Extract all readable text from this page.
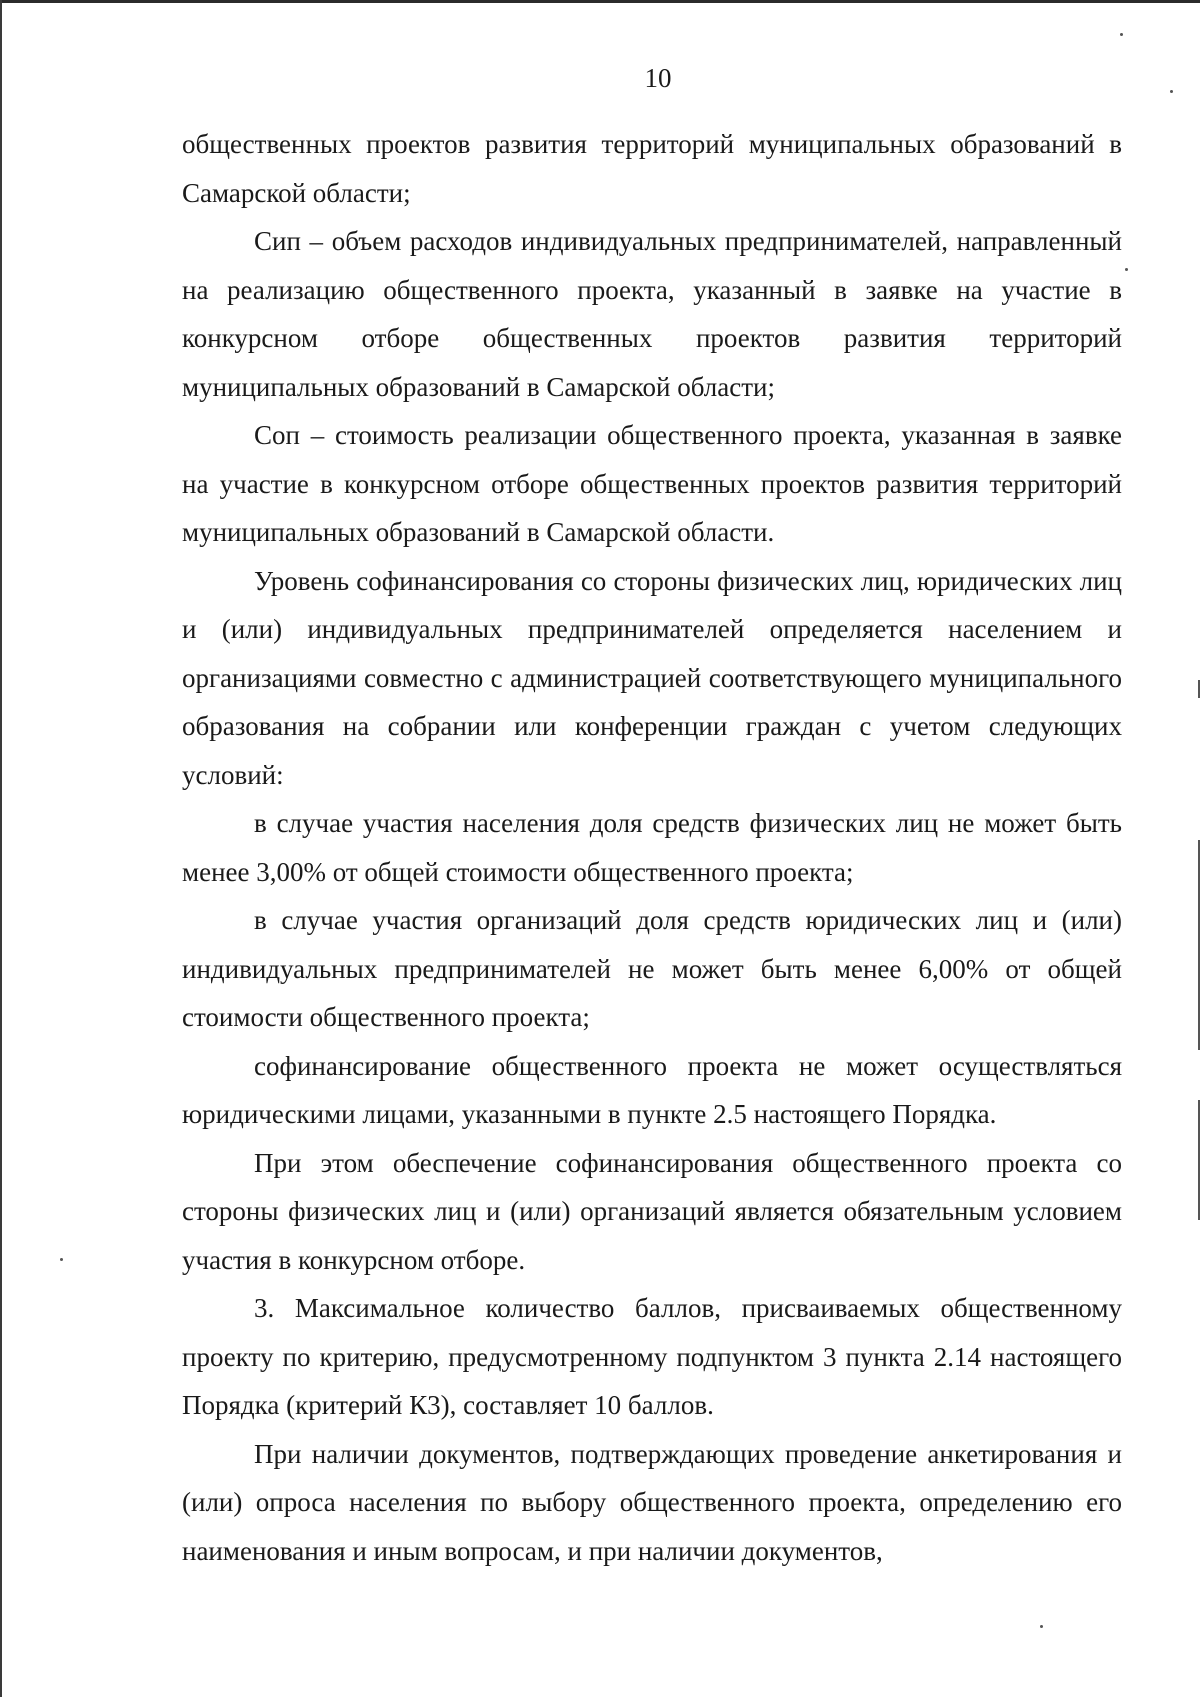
10

общественных проектов развития территорий муниципальных образований в Самарской области;

Сип – объем расходов индивидуальных предпринимателей, направленный на реализацию общественного проекта, указанный в заявке на участие в конкурсном отборе общественных проектов развития территорий муниципальных образований в Самарской области;

Соп – стоимость реализации общественного проекта, указанная в заявке на участие в конкурсном отборе общественных проектов развития территорий муниципальных образований в Самарской области.

Уровень софинансирования со стороны физических лиц, юридических лиц и (или) индивидуальных предпринимателей определяется населением и организациями совместно с администрацией соответствующего муниципального образования на собрании или конференции граждан с учетом следующих условий:

в случае участия населения доля средств физических лиц не может быть менее 3,00% от общей стоимости общественного проекта;

в случае участия организаций доля средств юридических лиц и (или) индивидуальных предпринимателей не может быть менее 6,00% от общей стоимости общественного проекта;

софинансирование общественного проекта не может осуществляться юридическими лицами, указанными в пункте 2.5 настоящего Порядка.

При этом обеспечение софинансирования общественного проекта со стороны физических лиц и (или) организаций является обязательным условием участия в конкурсном отборе.

3. Максимальное количество баллов, присваиваемых общественному проекту по критерию, предусмотренному подпунктом 3 пункта 2.14 настоящего Порядка (критерий К3), составляет 10 баллов.

При наличии документов, подтверждающих проведение анкетирования и (или) опроса населения по выбору общественного проекта, определению его наименования и иным вопросам, и при наличии документов,
